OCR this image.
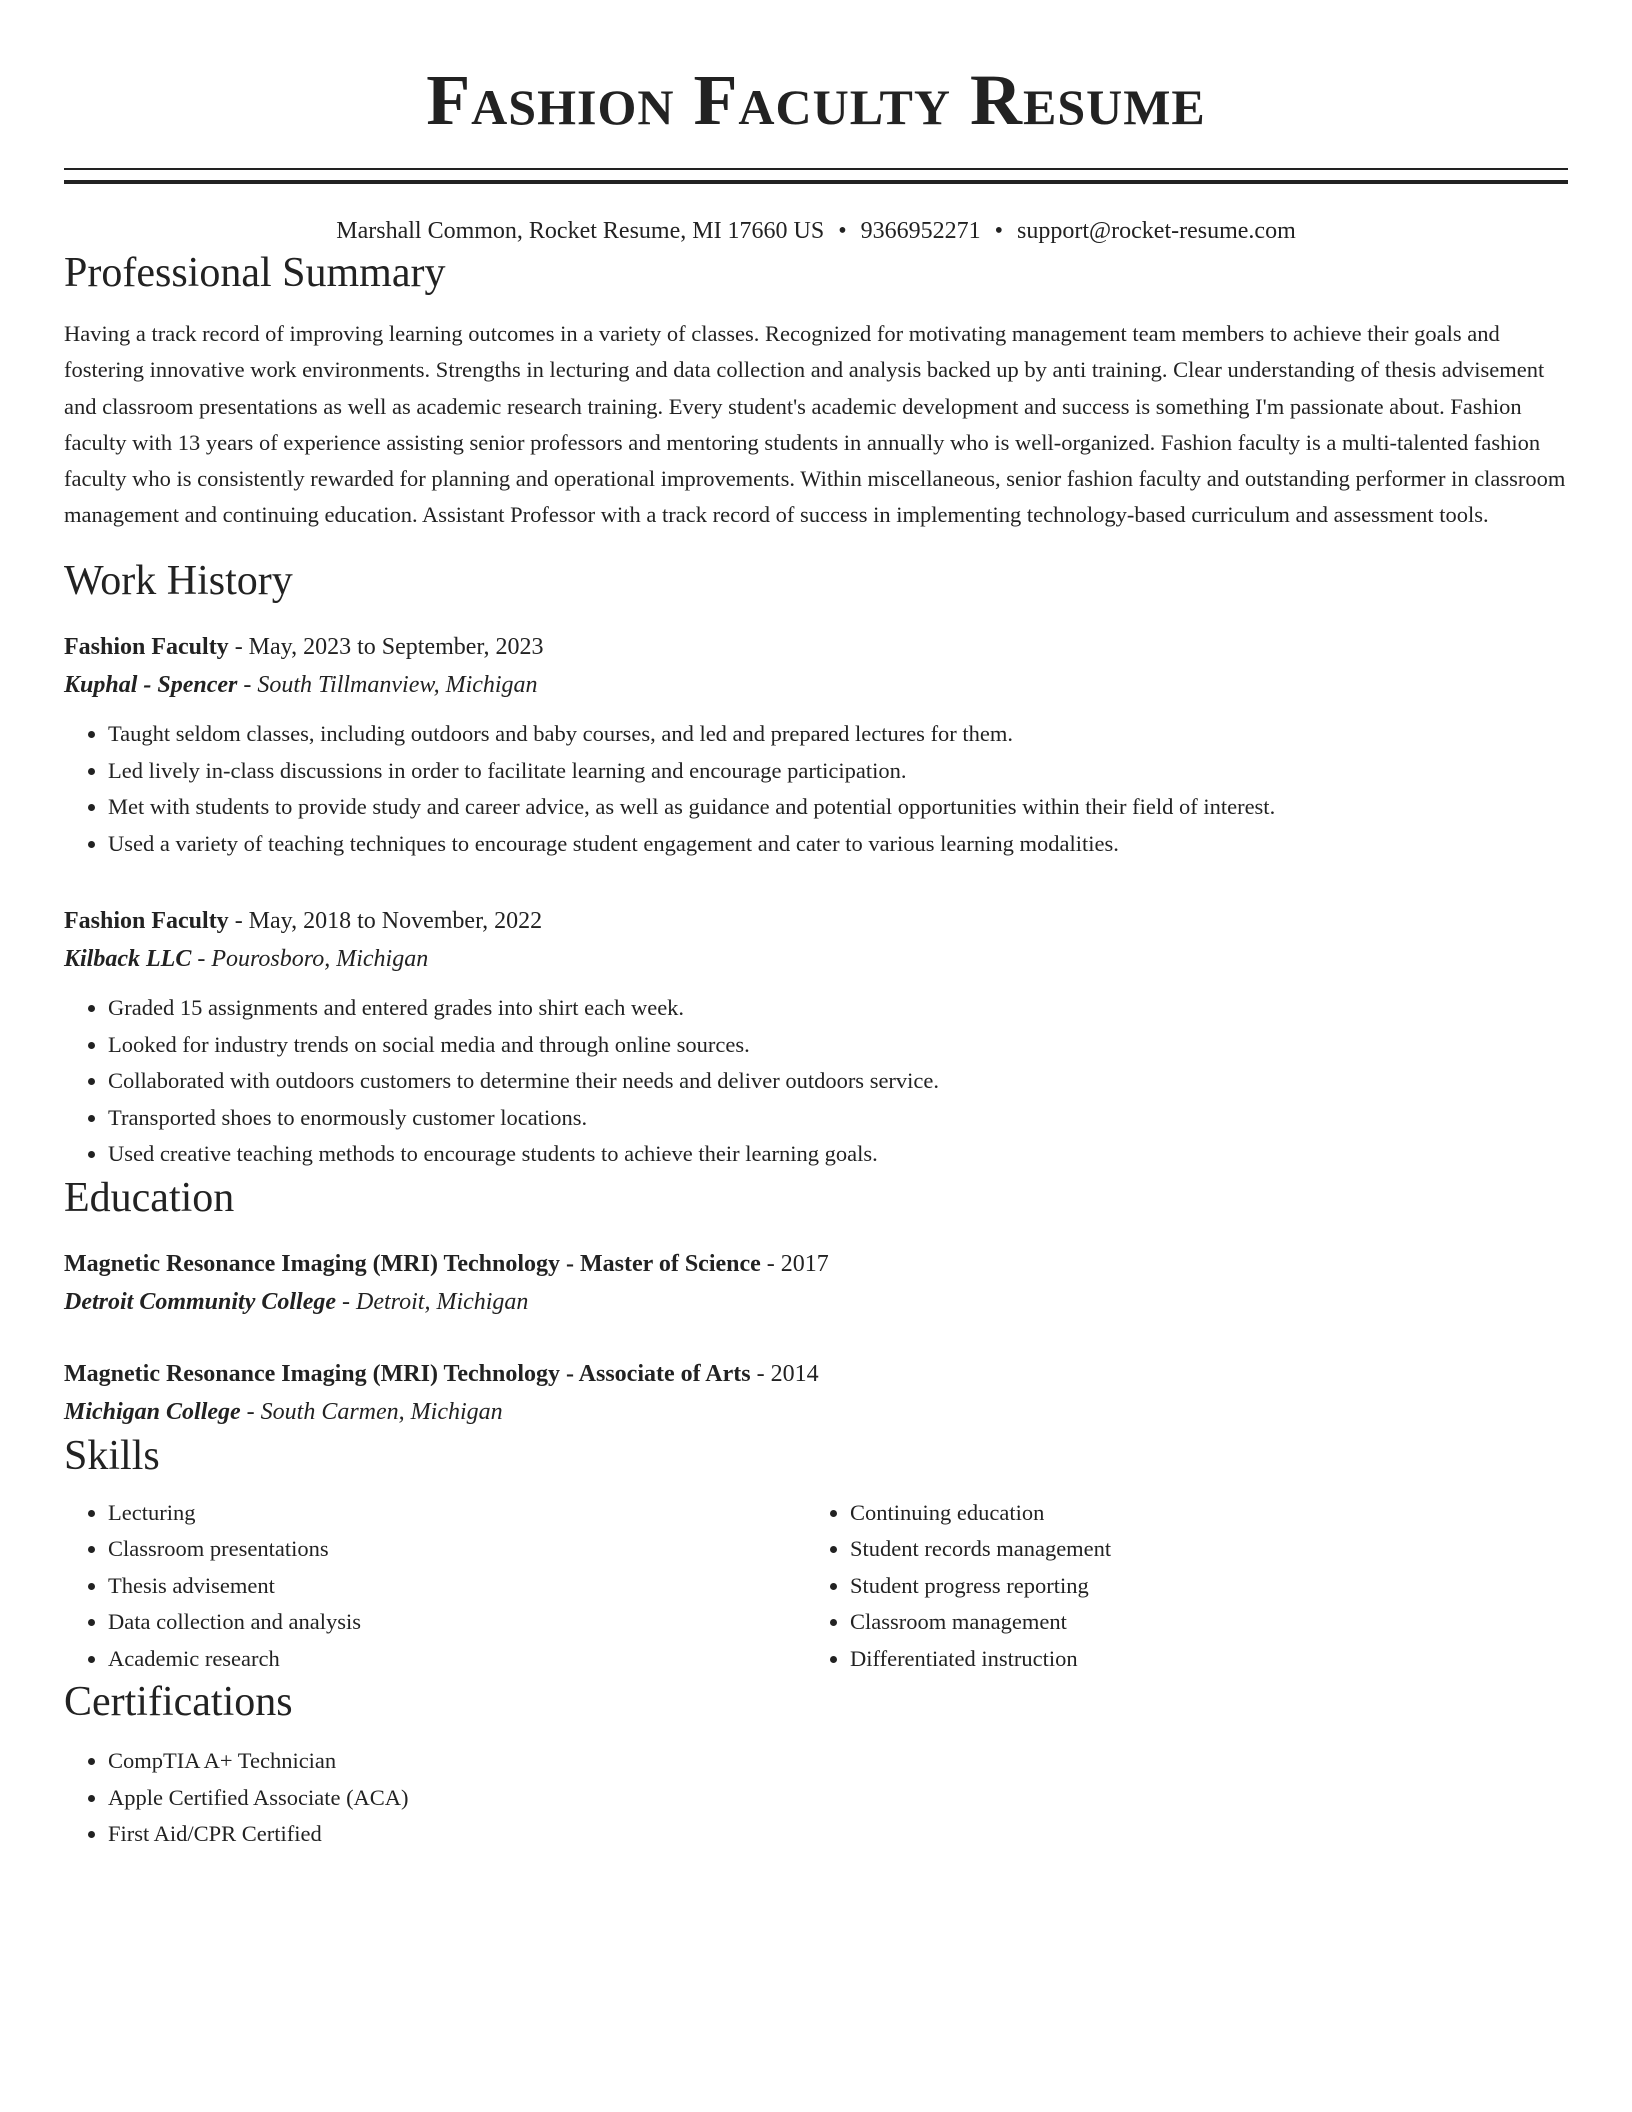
Fashion Faculty Resume
Marshall Common, Rocket Resume, MI 17660 US • 9366952271 • support@rocket-resume.com
Professional Summary

Having a track record of improving learning outcomes in a variety of classes. Recognized for motivating management team members to achieve their goals and fostering innovative work environments. Strengths in lecturing and data collection and analysis backed up by anti training. Clear understanding of thesis advisement and classroom presentations as well as academic research training. Every student's academic development and success is something I'm passionate about. Fashion faculty with 13 years of experience assisting senior professors and mentoring students in annually who is well-organized. Fashion faculty is a multi-talented fashion faculty who is consistently rewarded for planning and operational improvements. Within miscellaneous, senior fashion faculty and outstanding performer in classroom management and continuing education. Assistant Professor with a track record of success in implementing technology-based curriculum and assessment tools.

Work History
Fashion Faculty - May, 2023 to September, 2023
Kuphal - Spencer - South Tillmanview, Michigan
• Taught seldom classes, including outdoors and baby courses, and led and prepared lectures for them.
• Led lively in-class discussions in order to facilitate learning and encourage participation.
• Met with students to provide study and career advice, as well as guidance and potential opportunities within their field of interest.
• Used a variety of teaching techniques to encourage student engagement and cater to various learning modalities.
Fashion Faculty - May, 2018 to November, 2022
Kilback LLC - Pourosboro, Michigan
• Graded 15 assignments and entered grades into shirt each week.
• Looked for industry trends on social media and through online sources.
• Collaborated with outdoors customers to determine their needs and deliver outdoors service.
• Transported shoes to enormously customer locations.
• Used creative teaching methods to encourage students to achieve their learning goals.
Education
Magnetic Resonance Imaging (MRI) Technology - Master of Science - 2017
Detroit Community College - Detroit, Michigan
Magnetic Resonance Imaging (MRI) Technology - Associate of Arts - 2014
Michigan College - South Carmen, Michigan
Skills
• Lecturing
• Classroom presentations
• Thesis advisement
• Data collection and analysis
• Academic research
• Continuing education
• Student records management
• Student progress reporting
• Classroom management
• Differentiated instruction
Certifications
• CompTIA A+ Technician
• Apple Certified Associate (ACA)
• First Aid/CPR Certified
